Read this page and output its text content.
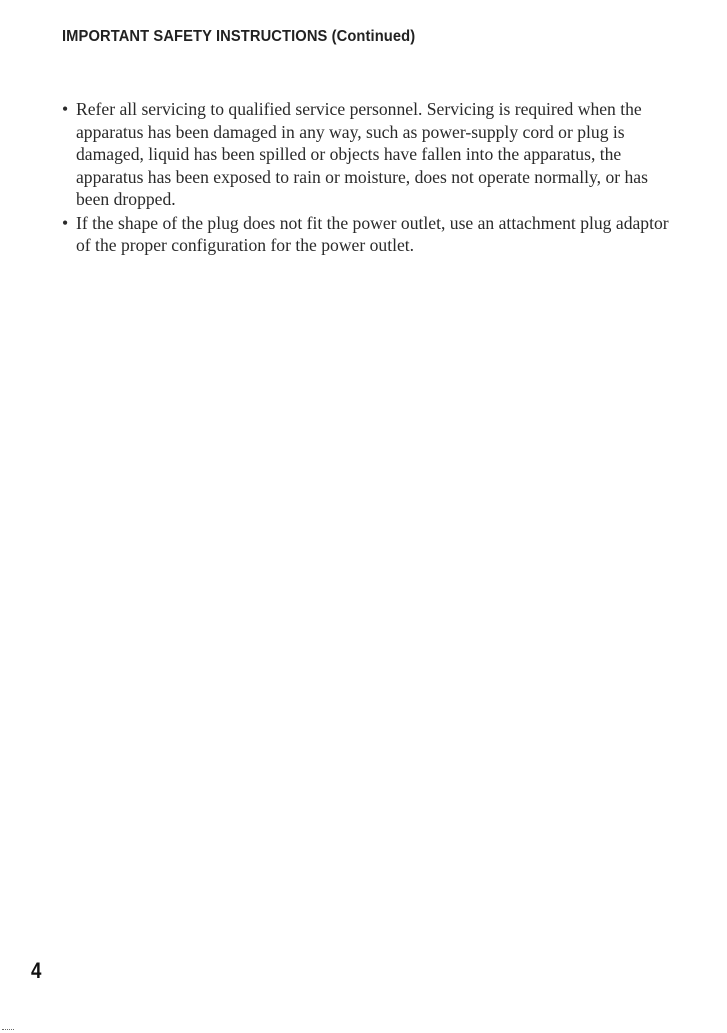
IMPORTANT SAFETY INSTRUCTIONS (Continued)
• Refer all servicing to qualified service personnel. Servicing is required when the apparatus has been damaged in any way, such as power-supply cord or plug is damaged, liquid has been spilled or objects have fallen into the apparatus, the apparatus has been exposed to rain or moisture, does not operate normally, or has been dropped.
• If the shape of the plug does not fit the power outlet, use an attachment plug adaptor of the proper configuration for the power outlet.
4
